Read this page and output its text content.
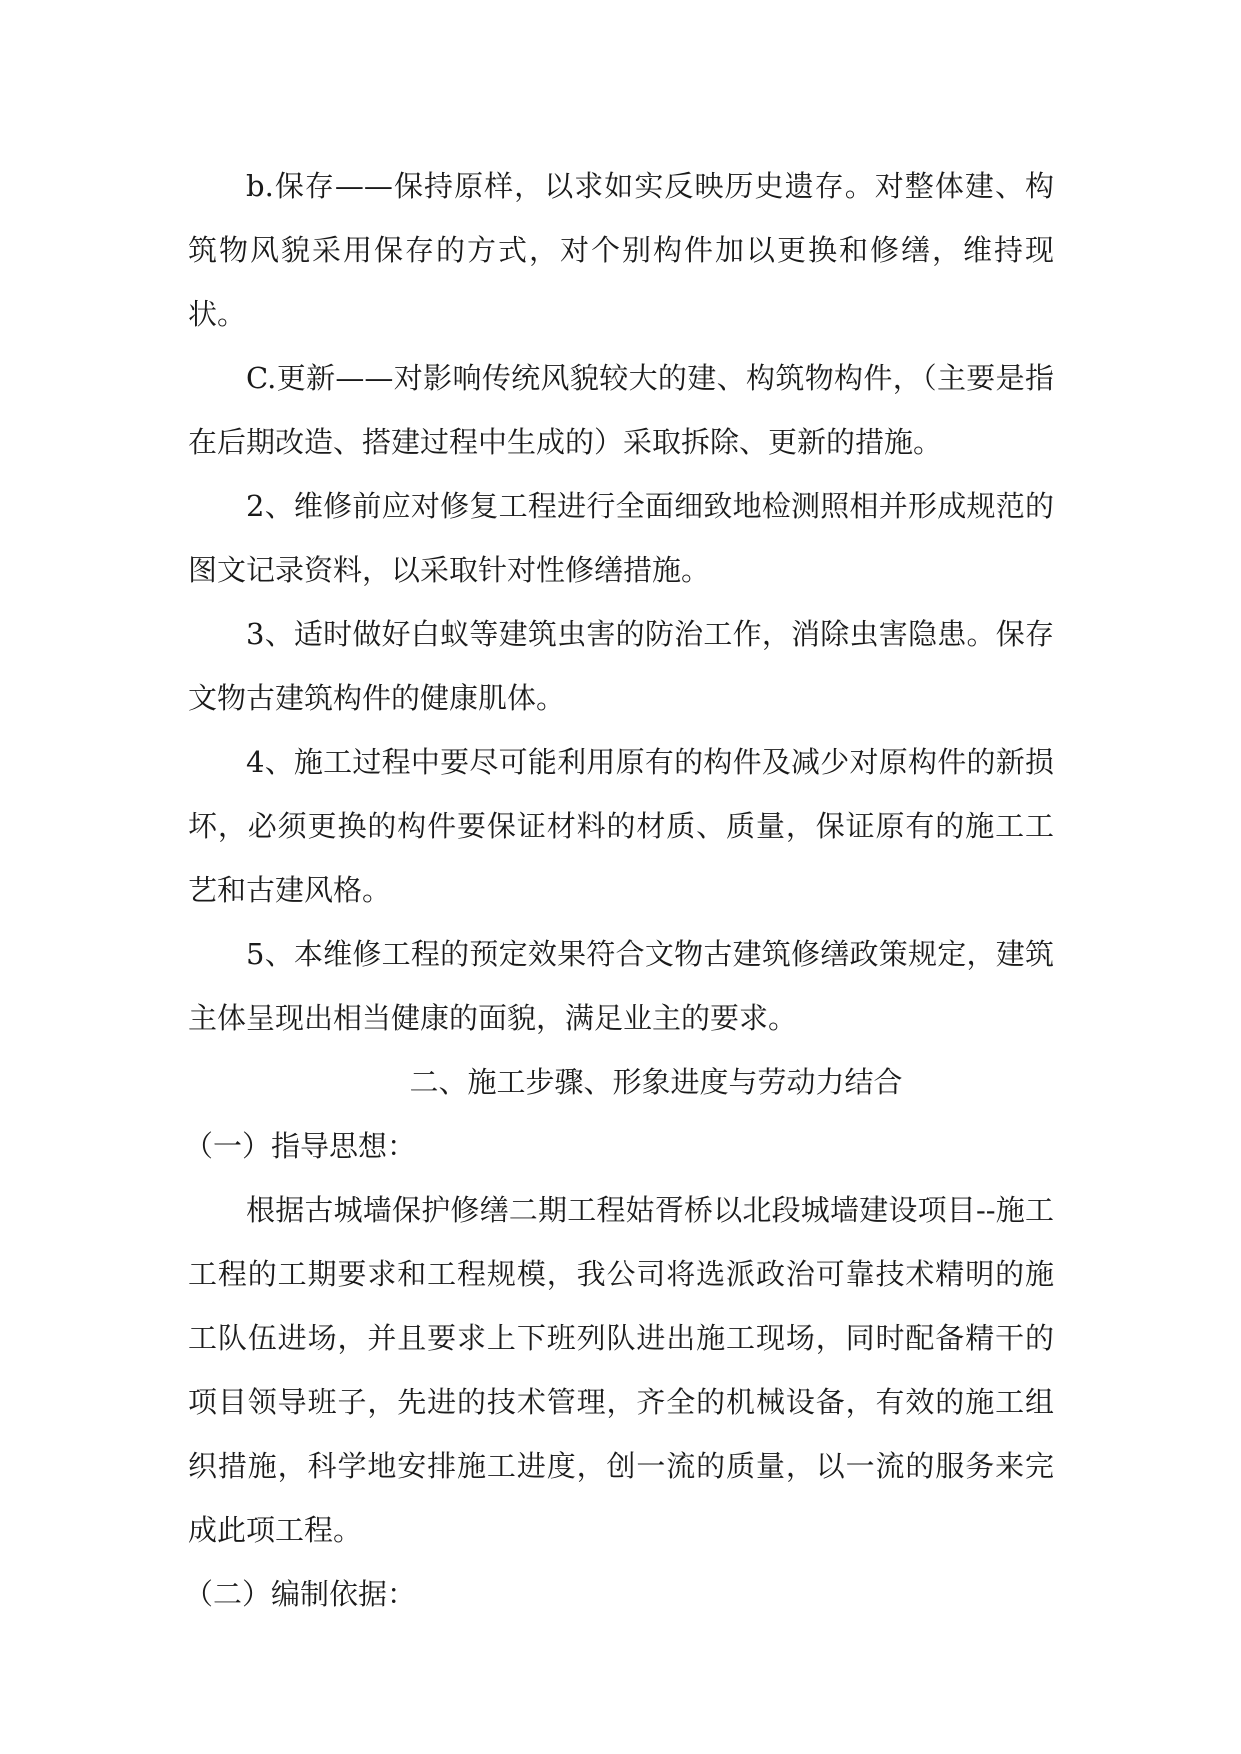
b.保存——保持原样，以求如实反映历史遗存。对整体建、构筑物风貌采用保存的方式，对个别构件加以更换和修缮，维持现状。

C.更新——对影响传统风貌较大的建、构筑物构件，（主要是指在后期改造、搭建过程中生成的）采取拆除、更新的措施。

2、维修前应对修复工程进行全面细致地检测照相并形成规范的图文记录资料，以采取针对性修缮措施。

3、适时做好白蚁等建筑虫害的防治工作，消除虫害隐患。保存文物古建筑构件的健康肌体。

4、施工过程中要尽可能利用原有的构件及减少对原构件的新损坏，必须更换的构件要保证材料的材质、质量，保证原有的施工工艺和古建风格。

5、本维修工程的预定效果符合文物古建筑修缮政策规定，建筑主体呈现出相当健康的面貌，满足业主的要求。

二、施工步骤、形象进度与劳动力结合

（一）指导思想：

根据古城墙保护修缮二期工程姑胥桥以北段城墙建设项目--施工工程的工期要求和工程规模，我公司将选派政治可靠技术精明的施工队伍进场，并且要求上下班列队进出施工现场，同时配备精干的项目领导班子，先进的技术管理，齐全的机械设备，有效的施工组织措施，科学地安排施工进度，创一流的质量，以一流的服务来完成此项工程。

（二）编制依据：
